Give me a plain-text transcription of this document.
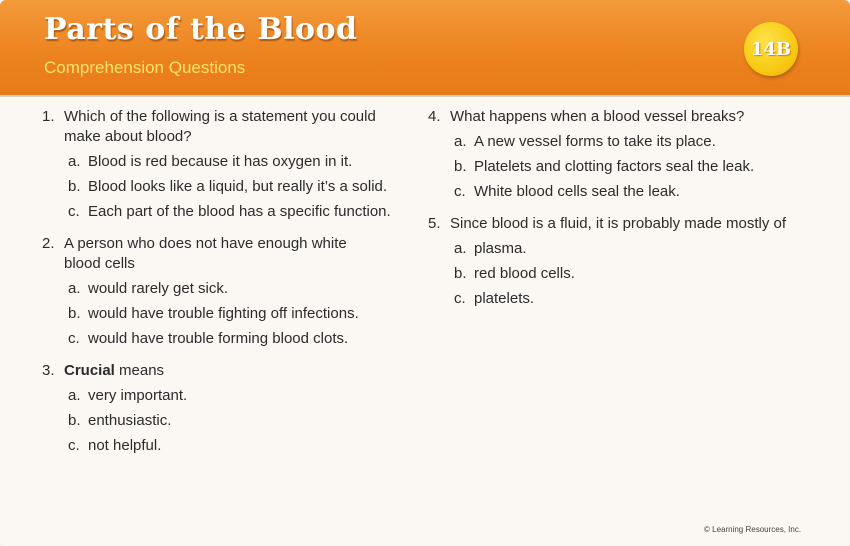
Parts of the Blood
Comprehension Questions
14B
1. Which of the following is a statement you could make about blood?
a. Blood is red because it has oxygen in it.
b. Blood looks like a liquid, but really it’s a solid.
c. Each part of the blood has a specific function.
2. A person who does not have enough white blood cells
a. would rarely get sick.
b. would have trouble fighting off infections.
c. would have trouble forming blood clots.
3. Crucial means
a. very important.
b. enthusiastic.
c. not helpful.
4. What happens when a blood vessel breaks?
a. A new vessel forms to take its place.
b. Platelets and clotting factors seal the leak.
c. White blood cells seal the leak.
5. Since blood is a fluid, it is probably made mostly of
a. plasma.
b. red blood cells.
c. platelets.
© Learning Resources, Inc.
